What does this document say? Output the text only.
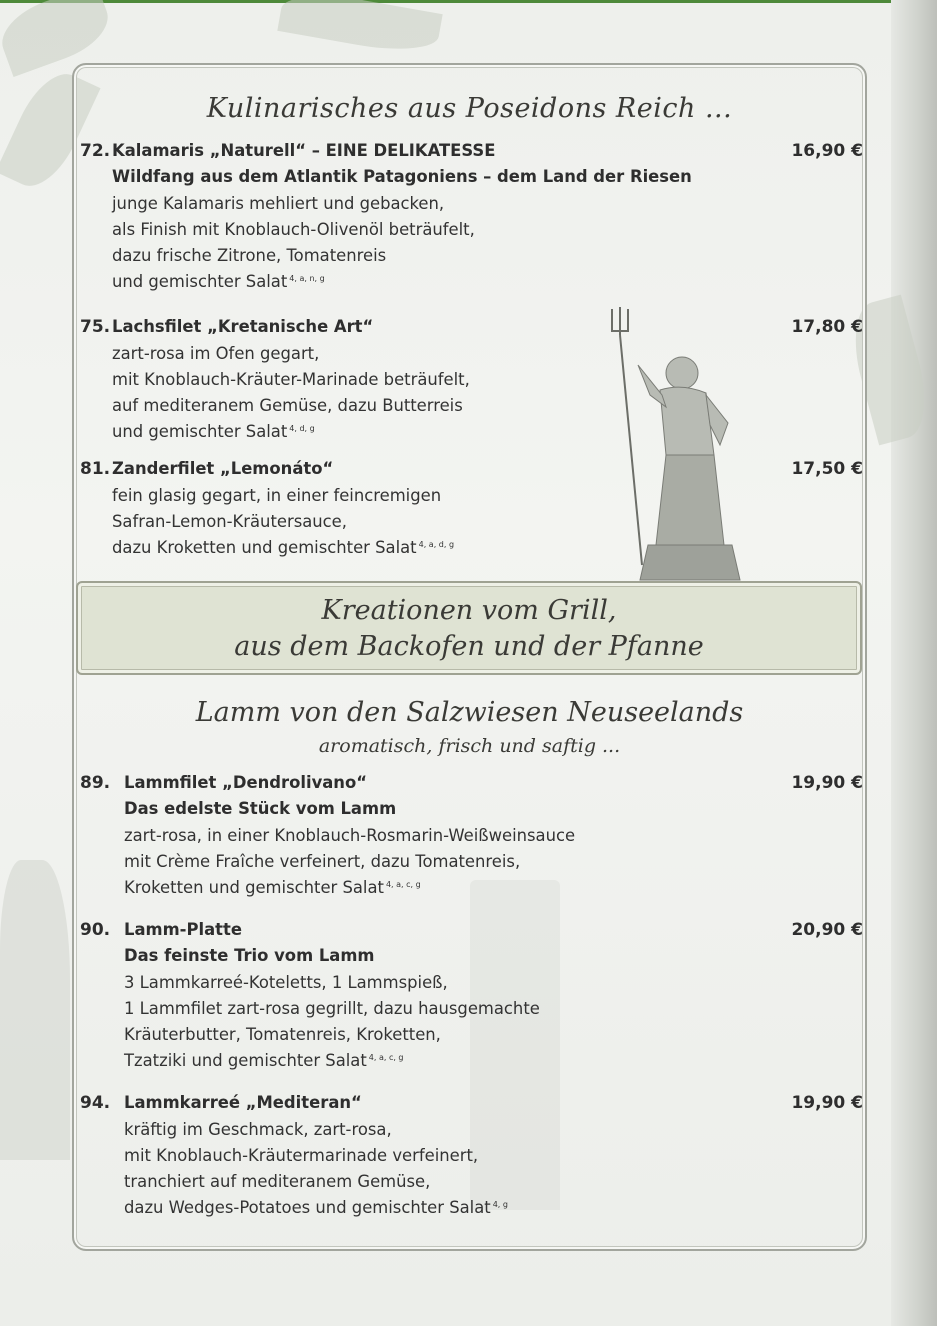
Kulinarisches aus Poseidons Reich ...
72. Kalamaris „Naturell“ – EINE DELIKATESSE	16,90 €
Wildfang aus dem Atlantik Patagoniens – dem Land der Riesen
junge Kalamaris mehliert und gebacken,
als Finish mit Knoblauch-Olivenöl beträufelt,
dazu frische Zitrone, Tomatenreis
und gemischter Salat $^{4, a, n, g}$
75. Lachsfilet „Kretanische Art“	17,80 €
zart-rosa im Ofen gegart,
mit Knoblauch-Kräuter-Marinade beträufelt,
auf mediteranem Gemüse, dazu Butterreis
und gemischter Salat $^{4, d, g}$
81. Zanderfilet „Lemonáto“	17,50 €
fein glasig gegart, in einer feincremigen
Safran-Lemon-Kräutersauce,
dazu Kroketten und gemischter Salat $^{4, a, d, g}$
Kreationen vom Grill,
aus dem Backofen und der Pfanne
Lamm von den Salzwiesen Neuseelands
aromatisch, frisch und saftig ...
89. Lammfilet „Dendrolivano“	19,90 €
Das edelste Stück vom Lamm
zart-rosa, in einer Knoblauch-Rosmarin-Weißweinsauce
mit Crème Fraîche verfeinert, dazu Tomatenreis,
Kroketten und gemischter Salat $^{4, a, c, g}$
90. Lamm-Platte	20,90 €
Das feinste Trio vom Lamm
3 Lammkarreé-Koteletts, 1 Lammspieß,
1 Lammfilet zart-rosa gegrillt, dazu hausgemachte
Kräuterbutter, Tomatenreis, Kroketten,
Tzatziki und gemischter Salat $^{4, a, c, g}$
94. Lammkarreé „Mediteran“	19,90 €
kräftig im Geschmack, zart-rosa,
mit Knoblauch-Kräutermarinade verfeinert,
tranchiert auf mediteranem Gemüse,
dazu Wedges-Potatoes und gemischter Salat $^{4, g}$
